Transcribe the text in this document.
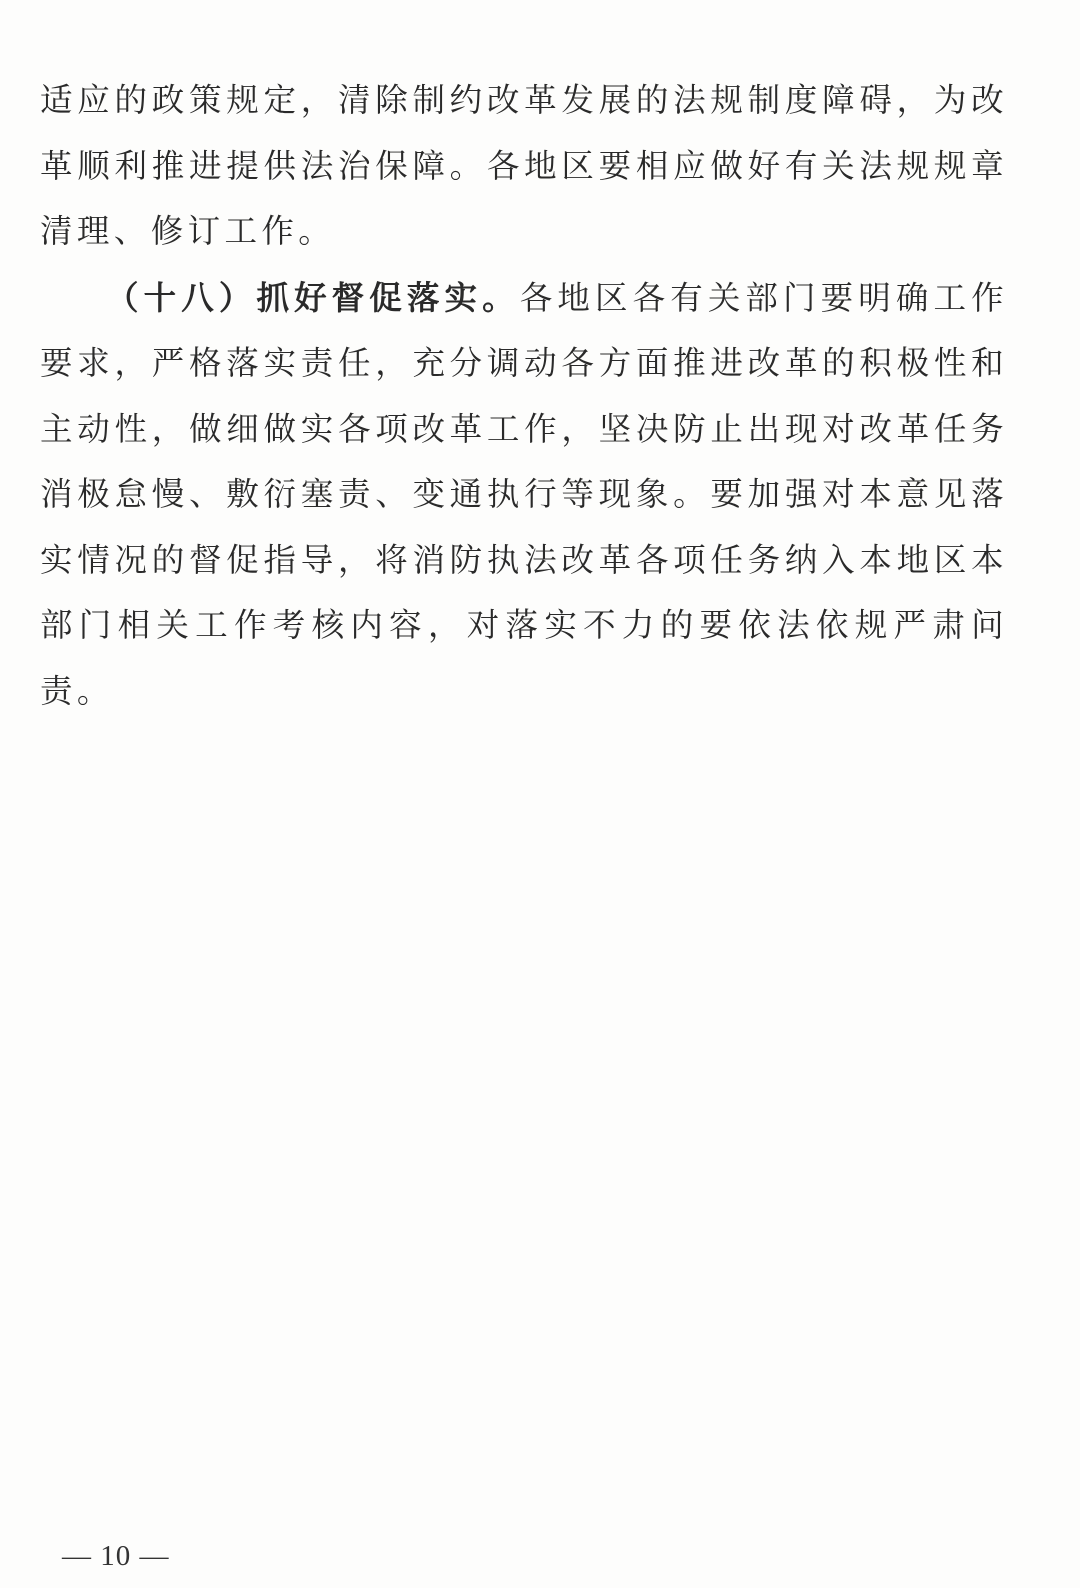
适应的政策规定，清除制约改革发展的法规制度障碍，为改革顺利推进提供法治保障。各地区要相应做好有关法规规章清理、修订工作。

（十八）抓好督促落实。各地区各有关部门要明确工作要求，严格落实责任，充分调动各方面推进改革的积极性和主动性，做细做实各项改革工作，坚决防止出现对改革任务消极怠慢、敷衍塞责、变通执行等现象。要加强对本意见落实情况的督促指导，将消防执法改革各项任务纳入本地区本部门相关工作考核内容，对落实不力的要依法依规严肃问责。

— 10 —
